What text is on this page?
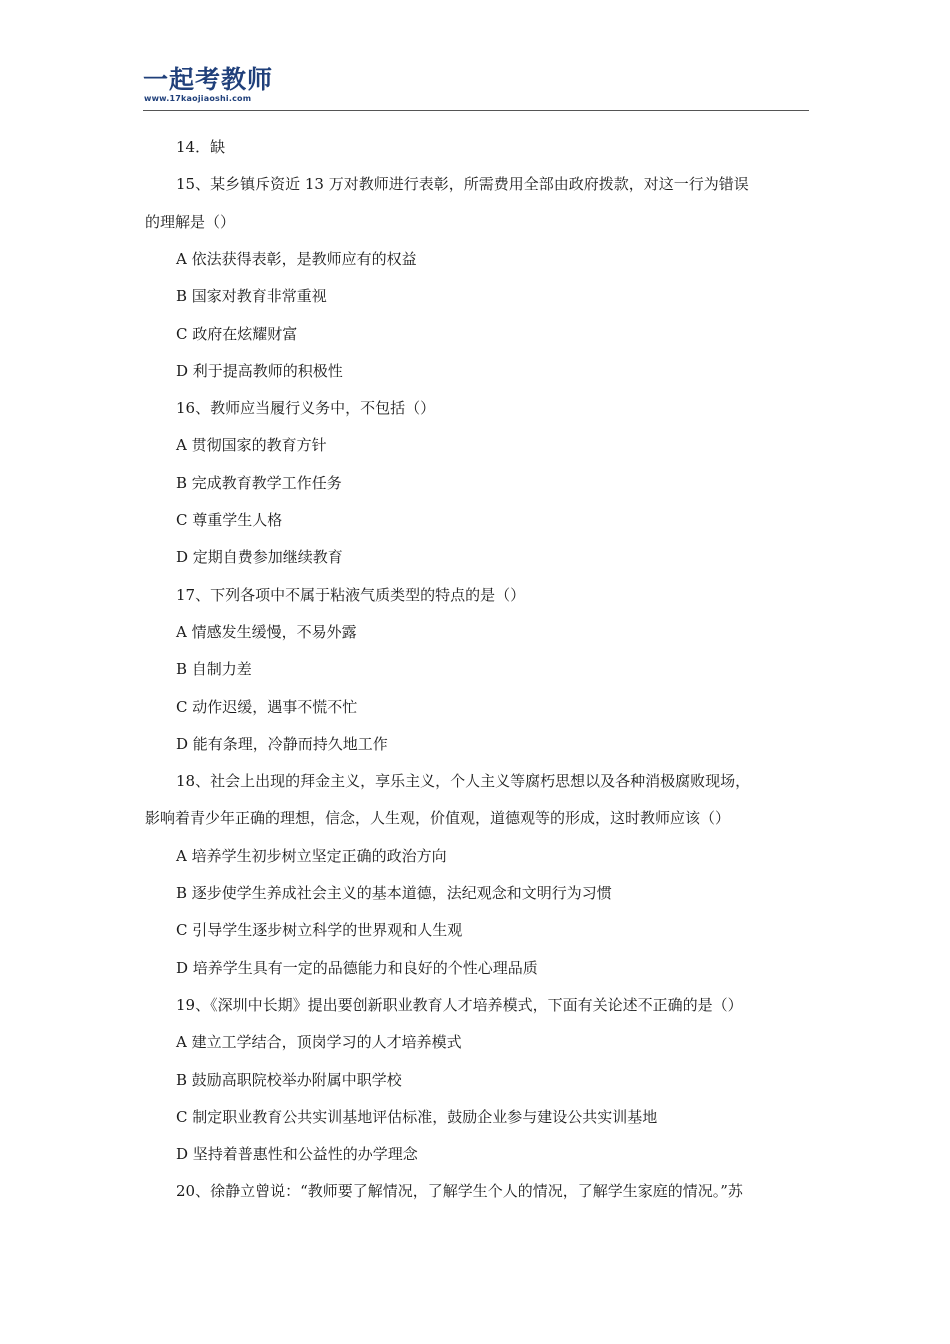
一起考教师
www.17kaojiaoshi.com
14．缺
15、某乡镇斥资近 13 万对教师进行表彰，所需费用全部由政府拨款，对这一行为错误
的理解是（）
A 依法获得表彰，是教师应有的权益
B 国家对教育非常重视
C 政府在炫耀财富
D 利于提高教师的积极性
16、教师应当履行义务中，不包括（）
A 贯彻国家的教育方针
B 完成教育教学工作任务
C 尊重学生人格
D 定期自费参加继续教育
17、下列各项中不属于粘液气质类型的特点的是（）
A 情感发生缓慢，不易外露
B 自制力差
C 动作迟缓，遇事不慌不忙
D 能有条理，冷静而持久地工作
18、社会上出现的拜金主义，享乐主义，个人主义等腐朽思想以及各种消极腐败现场，
影响着青少年正确的理想，信念，人生观，价值观，道德观等的形成，这时教师应该（）
A 培养学生初步树立坚定正确的政治方向
B 逐步使学生养成社会主义的基本道德，法纪观念和文明行为习惯
C 引导学生逐步树立科学的世界观和人生观
D 培养学生具有一定的品德能力和良好的个性心理品质
19、《深圳中长期》提出要创新职业教育人才培养模式，下面有关论述不正确的是（）
A 建立工学结合，顶岗学习的人才培养模式
B 鼓励高职院校举办附属中职学校
C 制定职业教育公共实训基地评估标准，鼓励企业参与建设公共实训基地
D 坚持着普惠性和公益性的办学理念
20、徐静立曾说：“教师要了解情况，了解学生个人的情况，了解学生家庭的情况。”苏
